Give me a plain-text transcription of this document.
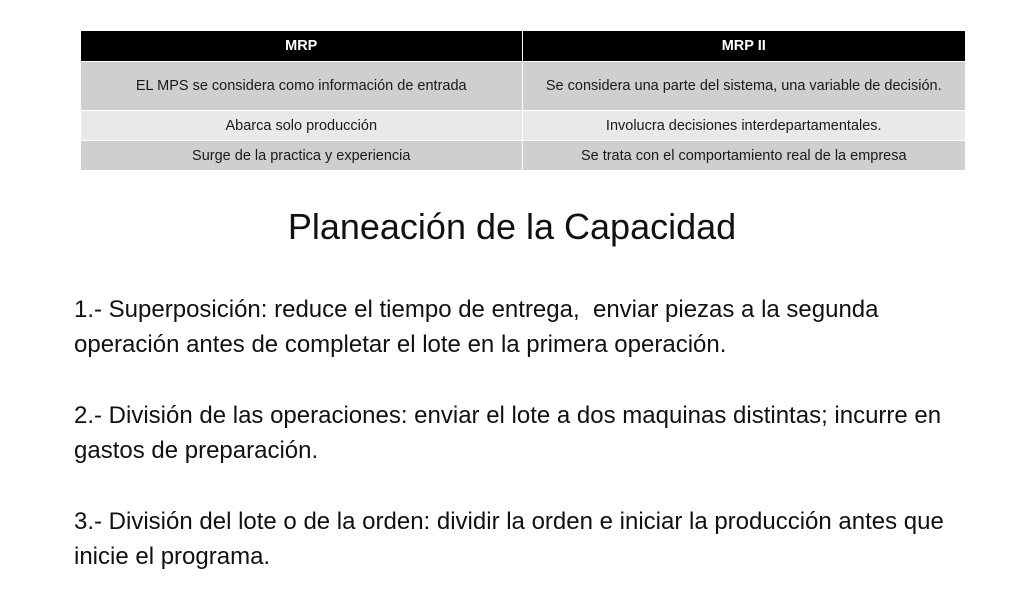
MRP	MRP II
EL MPS se considera como información de entrada	Se considera una parte del sistema, una variable de decisión.
Abarca solo producción	Involucra decisiones interdepartamentales.
Surge de la practica y experiencia	Se trata con el comportamiento real de la empresa
Planeación de la Capacidad

1.- Superposición: reduce el tiempo de entrega,  enviar piezas a la segunda operación antes de completar el lote en la primera operación.

2.- División de las operaciones: enviar el lote a dos maquinas distintas; incurre en gastos de preparación.

3.- División del lote o de la orden: dividir la orden e iniciar la producción antes que inicie el programa.
